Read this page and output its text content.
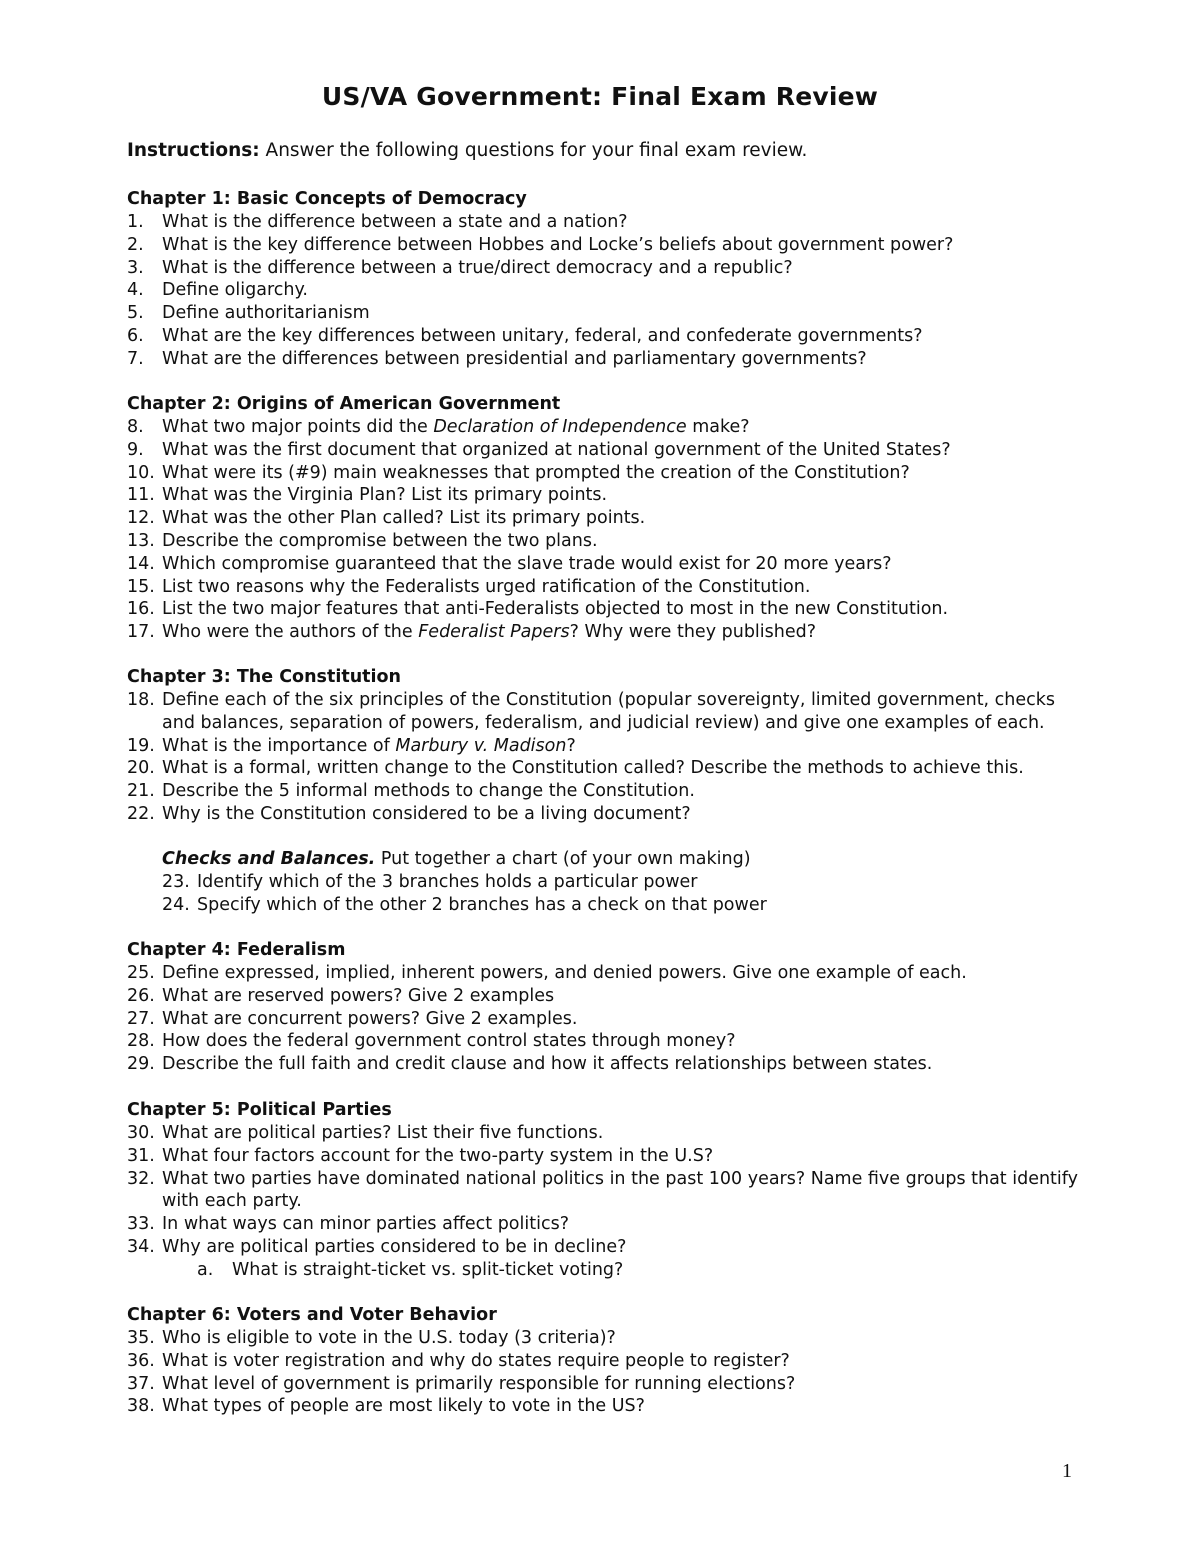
US/VA Government: Final Exam Review
Instructions: Answer the following questions for your final exam review.
Chapter 1: Basic Concepts of Democracy
1. What is the difference between a state and a nation?
2. What is the key difference between Hobbes and Locke’s beliefs about government power?
3. What is the difference between a true/direct democracy and a republic?
4. Define oligarchy.
5. Define authoritarianism
6. What are the key differences between unitary, federal, and confederate governments?
7. What are the differences between presidential and parliamentary governments?
Chapter 2: Origins of American Government
8. What two major points did the Declaration of Independence make?
9. What was the first document that organized at national government of the United States?
10. What were its (#9) main weaknesses that prompted the creation of the Constitution?
11. What was the Virginia Plan? List its primary points.
12. What was the other Plan called? List its primary points.
13. Describe the compromise between the two plans.
14. Which compromise guaranteed that the slave trade would exist for 20 more years?
15. List two reasons why the Federalists urged ratification of the Constitution.
16. List the two major features that anti-Federalists objected to most in the new Constitution.
17. Who were the authors of the Federalist Papers? Why were they published?
Chapter 3: The Constitution
18. Define each of the six principles of the Constitution (popular sovereignty, limited government, checks and balances, separation of powers, federalism, and judicial review) and give one examples of each.
19. What is the importance of Marbury v. Madison?
20. What is a formal, written change to the Constitution called? Describe the methods to achieve this.
21. Describe the 5 informal methods to change the Constitution.
22. Why is the Constitution considered to be a living document?
Checks and Balances. Put together a chart (of your own making)
23. Identify which of the 3 branches holds a particular power
24. Specify which of the other 2 branches has a check on that power
Chapter 4: Federalism
25. Define expressed, implied, inherent powers, and denied powers. Give one example of each.
26. What are reserved powers? Give 2 examples
27. What are concurrent powers? Give 2 examples.
28. How does the federal government control states through money?
29. Describe the full faith and credit clause and how it affects relationships between states.
Chapter 5: Political Parties
30. What are political parties? List their five functions.
31. What four factors account for the two-party system in the U.S?
32. What two parties have dominated national politics in the past 100 years? Name five groups that identify with each party.
33. In what ways can minor parties affect politics?
34. Why are political parties considered to be in decline?
a. What is straight-ticket vs. split-ticket voting?
Chapter 6: Voters and Voter Behavior
35. Who is eligible to vote in the U.S. today (3 criteria)?
36. What is voter registration and why do states require people to register?
37. What level of government is primarily responsible for running elections?
38. What types of people are most likely to vote in the US?
1
